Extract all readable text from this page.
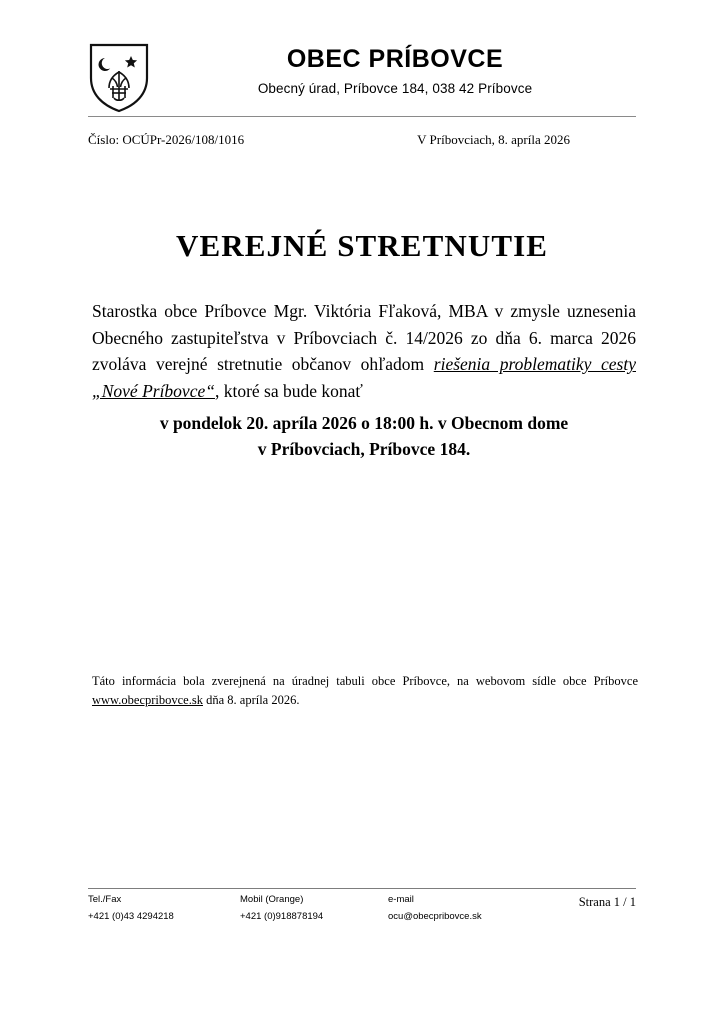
OBEC PRÍBOVCE
Obecný úrad, Príbovce 184, 038 42 Príbovce
Číslo: OCÚPr-2026/108/1016	V Príbovciach, 8. apríla 2026
VEREJNÉ STRETNUTIE
Starostka obce Príbovce Mgr. Viktória Fľaková, MBA v zmysle uznesenia Obecného zastupiteľstva v Príbovciach č. 14/2026 zo dňa 6. marca 2026 zvoláva verejné stretnutie občanov ohľadom riešenia problematiky cesty „Nové Príbovce“, ktoré sa bude konať
v pondelok 20. apríla 2026 o 18:00 h. v Obecnom dome
v Príbovciach, Príbovce 184.
Táto informácia bola zverejnená na úradnej tabuli obce Príbovce, na webovom sídle obce Príbovce www.obecpribovce.sk dňa 8. apríla 2026.
Tel./Fax
+421 (0)43 4294218
Mobil (Orange)
+421 (0)918878194
e-mail
ocu@obecpribovce.sk
Strana 1 / 1
